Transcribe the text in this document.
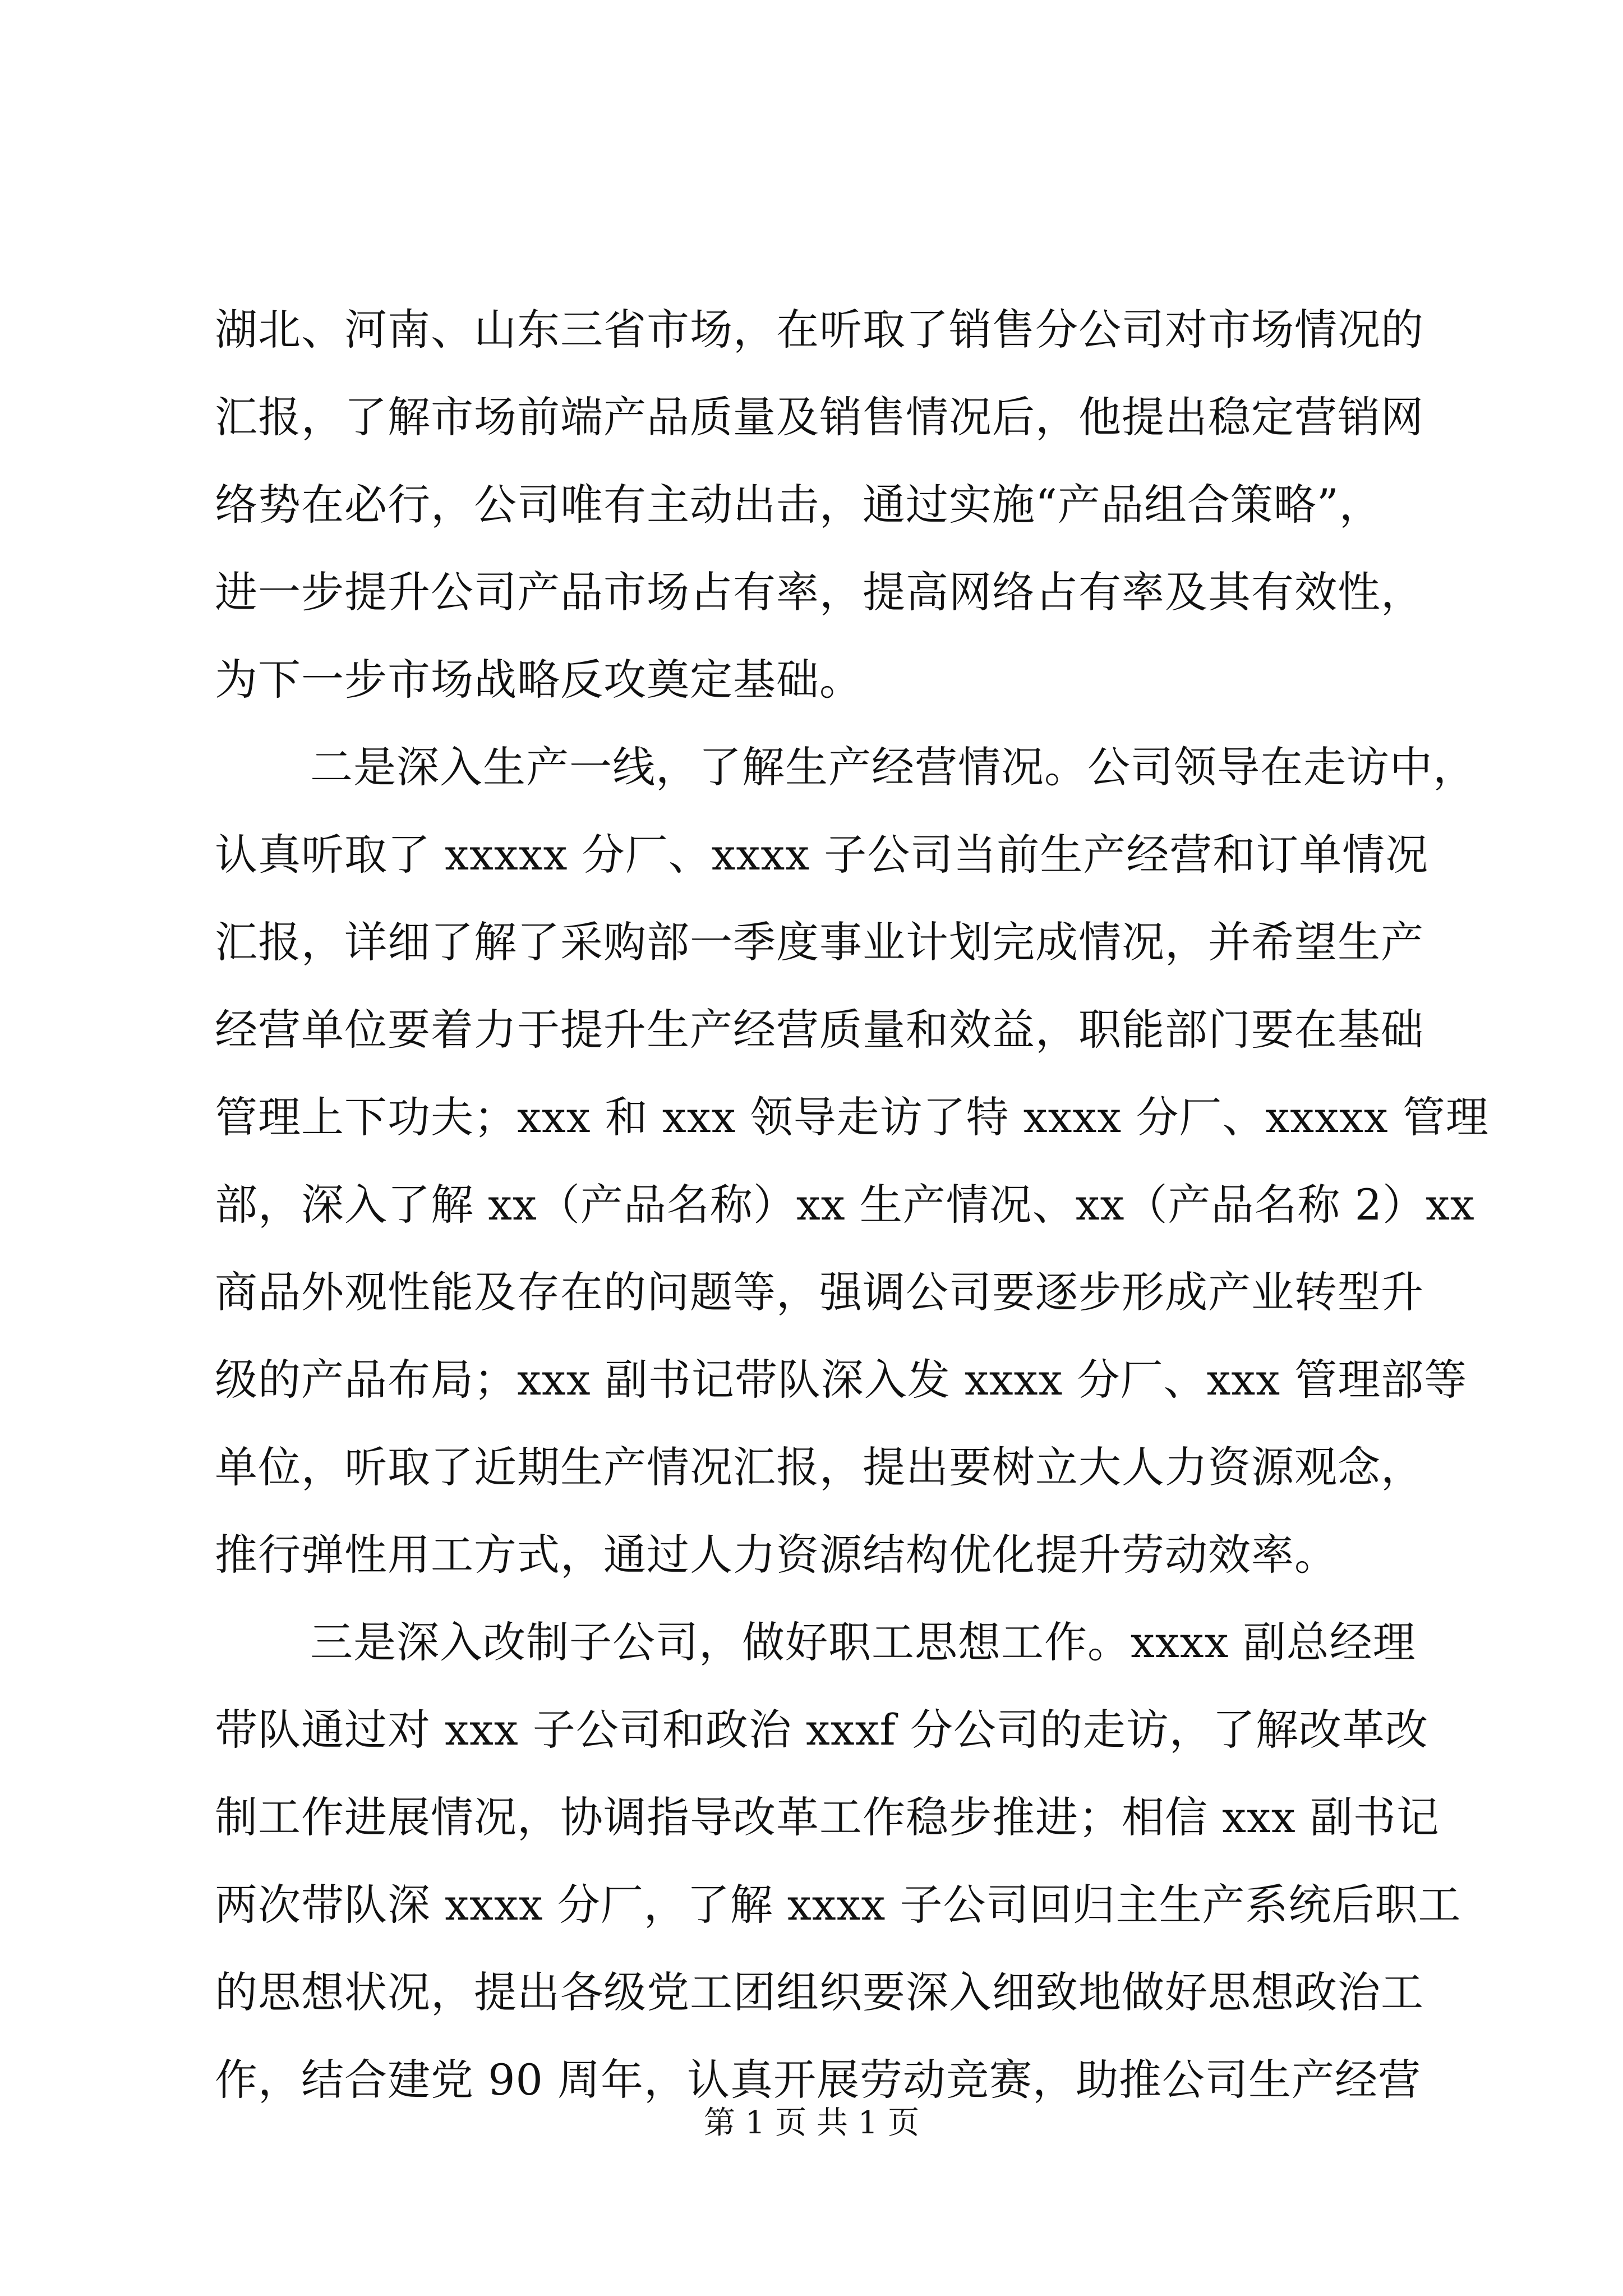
湖北、河南、山东三省市场，在听取了销售分公司对市场情况的
汇报，了解市场前端产品质量及销售情况后，他提出稳定营销网
络势在必行，公司唯有主动出击，通过实施“产品组合策略”，
进一步提升公司产品市场占有率，提高网络占有率及其有效性，
为下一步市场战略反攻奠定基础。
二是深入生产一线，了解生产经营情况。公司领导在走访中，
认真听取了 xxxxx 分厂、xxxx 子公司当前生产经营和订单情况
汇报，详细了解了采购部一季度事业计划完成情况，并希望生产
经营单位要着力于提升生产经营质量和效益，职能部门要在基础
管理上下功夫；xxx 和 xxx 领导走访了特 xxxx 分厂、xxxxx 管理
部，深入了解 xx（产品名称）xx 生产情况、xx（产品名称 2）xx
商品外观性能及存在的问题等，强调公司要逐步形成产业转型升
级的产品布局；xxx 副书记带队深入发 xxxx 分厂、xxx 管理部等
单位，听取了近期生产情况汇报，提出要树立大人力资源观念，
推行弹性用工方式，通过人力资源结构优化提升劳动效率。
三是深入改制子公司，做好职工思想工作。xxxx 副总经理
带队通过对 xxx 子公司和政治 xxxf 分公司的走访，了解改革改
制工作进展情况，协调指导改革工作稳步推进；相信 xxx 副书记
两次带队深 xxxx 分厂，了解 xxxx 子公司回归主生产系统后职工
的思想状况，提出各级党工团组织要深入细致地做好思想政治工
作，结合建党 90 周年，认真开展劳动竞赛，助推公司生产经营
第 1 页 共 1 页
